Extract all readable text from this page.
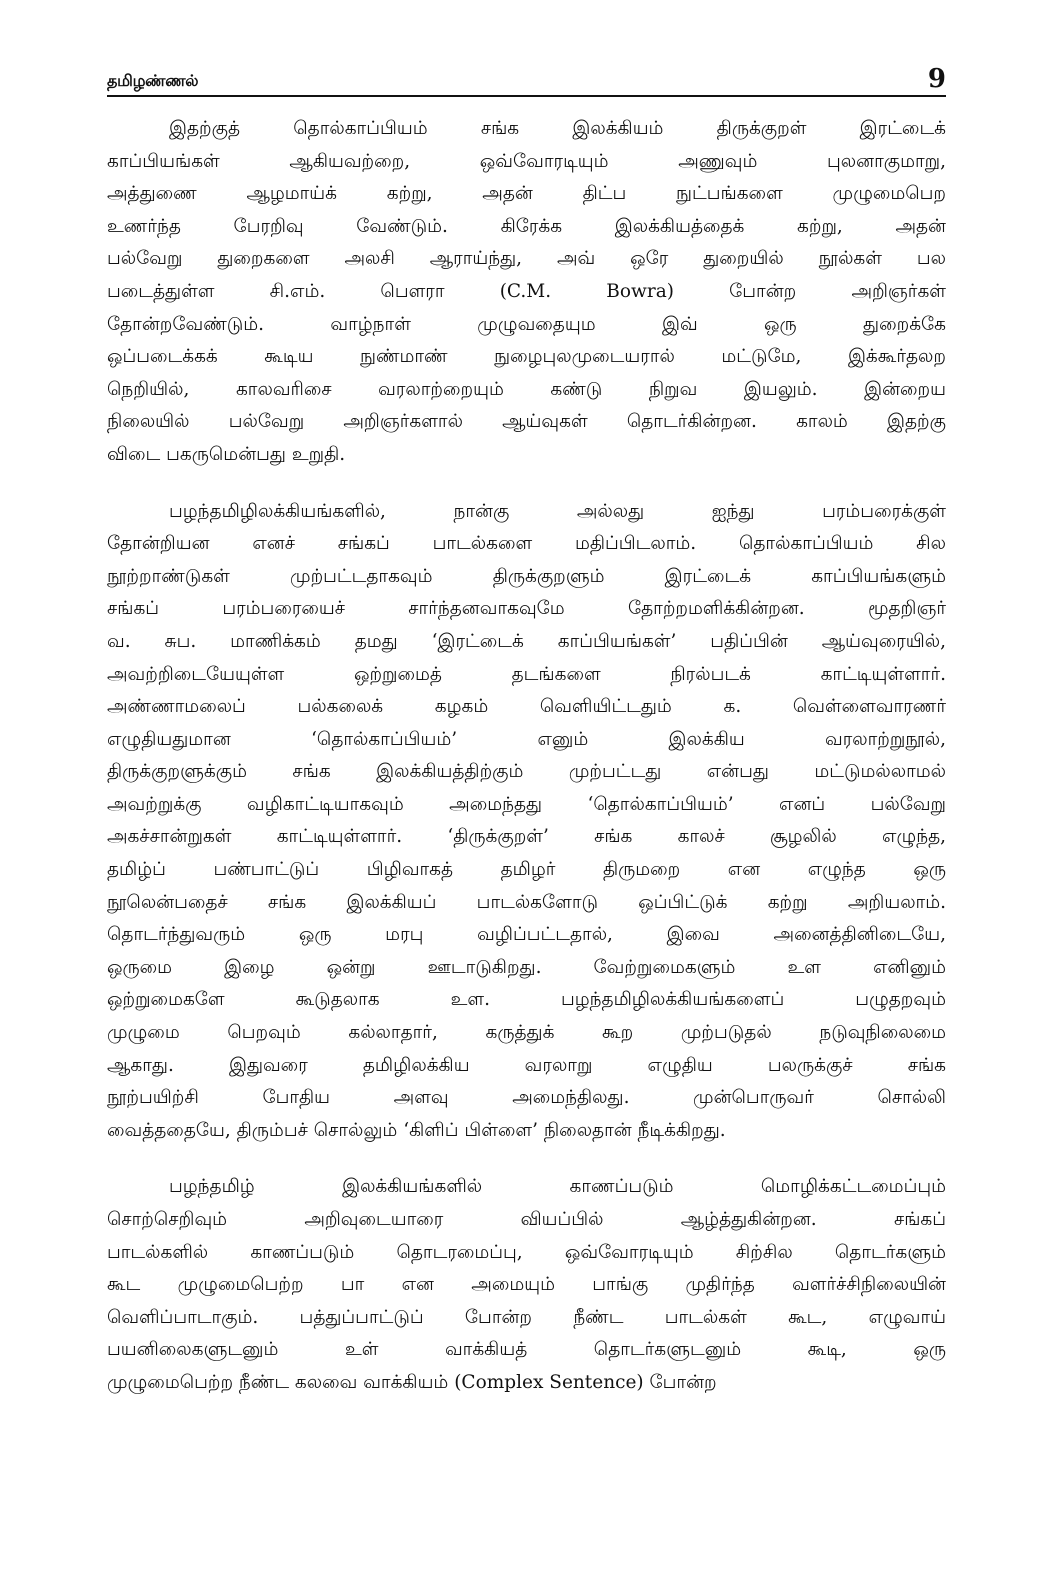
தமிழண்ணல்	9

இதற்குத் தொல்காப்பியம் சங்க இலக்கியம் திருக்குறள் இரட்டைக்
காப்பியங்கள் ஆகியவற்றை, ஒவ்வோரடியும் அணுவும் புலனாகுமாறு,
அத்துணை ஆழமாய்க் கற்று, அதன் திட்ப நுட்பங்களை முழுமைபெற
உணர்ந்த பேரறிவு வேண்டும். கிரேக்க இலக்கியத்தைக் கற்று, அதன்
பல்வேறு துறைகளை அலசி ஆராய்ந்து, அவ் ஒரே துறையில் நூல்கள் பல
படைத்துள்ள சி.எம். பௌரா (C.M. Bowra) போன்ற அறிஞர்கள்
தோன்றவேண்டும். வாழ்நாள் முழுவதையும இவ் ஒரு துறைக்கே
ஒப்படைக்கக் கூடிய நுண்மாண் நுழைபுலமுடையரால் மட்டுமே, இக்கூர்தலற
நெறியில், காலவரிசை வரலாற்றையும் கண்டு நிறுவ இயலும். இன்றைய
நிலையில் பல்வேறு அறிஞர்களால் ஆய்வுகள் தொடர்கின்றன. காலம் இதற்கு
விடை பகருமென்பது உறுதி.

பழந்தமிழிலக்கியங்களில், நான்கு அல்லது ஐந்து பரம்பரைக்குள்
தோன்றியன எனச் சங்கப் பாடல்களை மதிப்பிடலாம். தொல்காப்பியம் சில
நூற்றாண்டுகள் முற்பட்டதாகவும் திருக்குறளும் இரட்டைக் காப்பியங்களும்
சங்கப் பரம்பரையைச் சார்ந்தனவாகவுமே தோற்றமளிக்கின்றன. மூதறிஞர்
வ. சுப. மாணிக்கம் தமது ‘இரட்டைக் காப்பியங்கள்’ பதிப்பின் ஆய்வுரையில்,
அவற்றிடையேயுள்ள ஒற்றுமைத் தடங்களை நிரல்படக் காட்டியுள்ளார்.
அண்ணாமலைப் பல்கலைக் கழகம் வெளியிட்டதும் க. வெள்ளைவாரணர்
எழுதியதுமான ‘தொல்காப்பியம்’ எனும் இலக்கிய வரலாற்றுநூல்,
திருக்குறளுக்கும் சங்க இலக்கியத்திற்கும் முற்பட்டது என்பது மட்டுமல்லாமல்
அவற்றுக்கு வழிகாட்டியாகவும் அமைந்தது ‘தொல்காப்பியம்’ எனப் பல்வேறு
அகச்சான்றுகள் காட்டியுள்ளார். ‘திருக்குறள்’ சங்க காலச் சூழலில் எழுந்த,
தமிழ்ப் பண்பாட்டுப் பிழிவாகத் தமிழர் திருமறை என எழுந்த ஒரு
நூலென்பதைச் சங்க இலக்கியப் பாடல்களோடு ஒப்பிட்டுக் கற்று அறியலாம்.
தொடர்ந்துவரும் ஒரு மரபு வழிப்பட்டதால், இவை அனைத்தினிடையே,
ஒருமை இழை ஒன்று ஊடாடுகிறது. வேற்றுமைகளும் உள எனினும்
ஒற்றுமைகளே கூடுதலாக உள. பழந்தமிழிலக்கியங்களைப் பழுதறவும்
முழுமை பெறவும் கல்லாதார், கருத்துக் கூற முற்படுதல் நடுவுநிலைமை
ஆகாது. இதுவரை தமிழிலக்கிய வரலாறு எழுதிய பலருக்குச் சங்க
நூற்பயிற்சி போதிய அளவு அமைந்திலது. முன்பொருவர் சொல்லி
வைத்ததையே, திரும்பச் சொல்லும் ‘கிளிப் பிள்ளை’ நிலைதான் நீடிக்கிறது.

பழந்தமிழ் இலக்கியங்களில் காணப்படும் மொழிக்கட்டமைப்பும்
சொற்செறிவும் அறிவுடையாரை வியப்பில் ஆழ்த்துகின்றன. சங்கப்
பாடல்களில் காணப்படும் தொடரமைப்பு, ஒவ்வோரடியும் சிற்சில தொடர்களும்
கூட முழுமைபெற்ற பா என அமையும் பாங்கு முதிர்ந்த வளர்ச்சிநிலையின்
வெளிப்பாடாகும். பத்துப்பாட்டுப் போன்ற நீண்ட பாடல்கள் கூட, எழுவாய்
பயனிலைகளுடனும் உள் வாக்கியத் தொடர்களுடனும் கூடி, ஒரு
முழுமைபெற்ற நீண்ட கலவை வாக்கியம் (Complex Sentence) போன்ற
